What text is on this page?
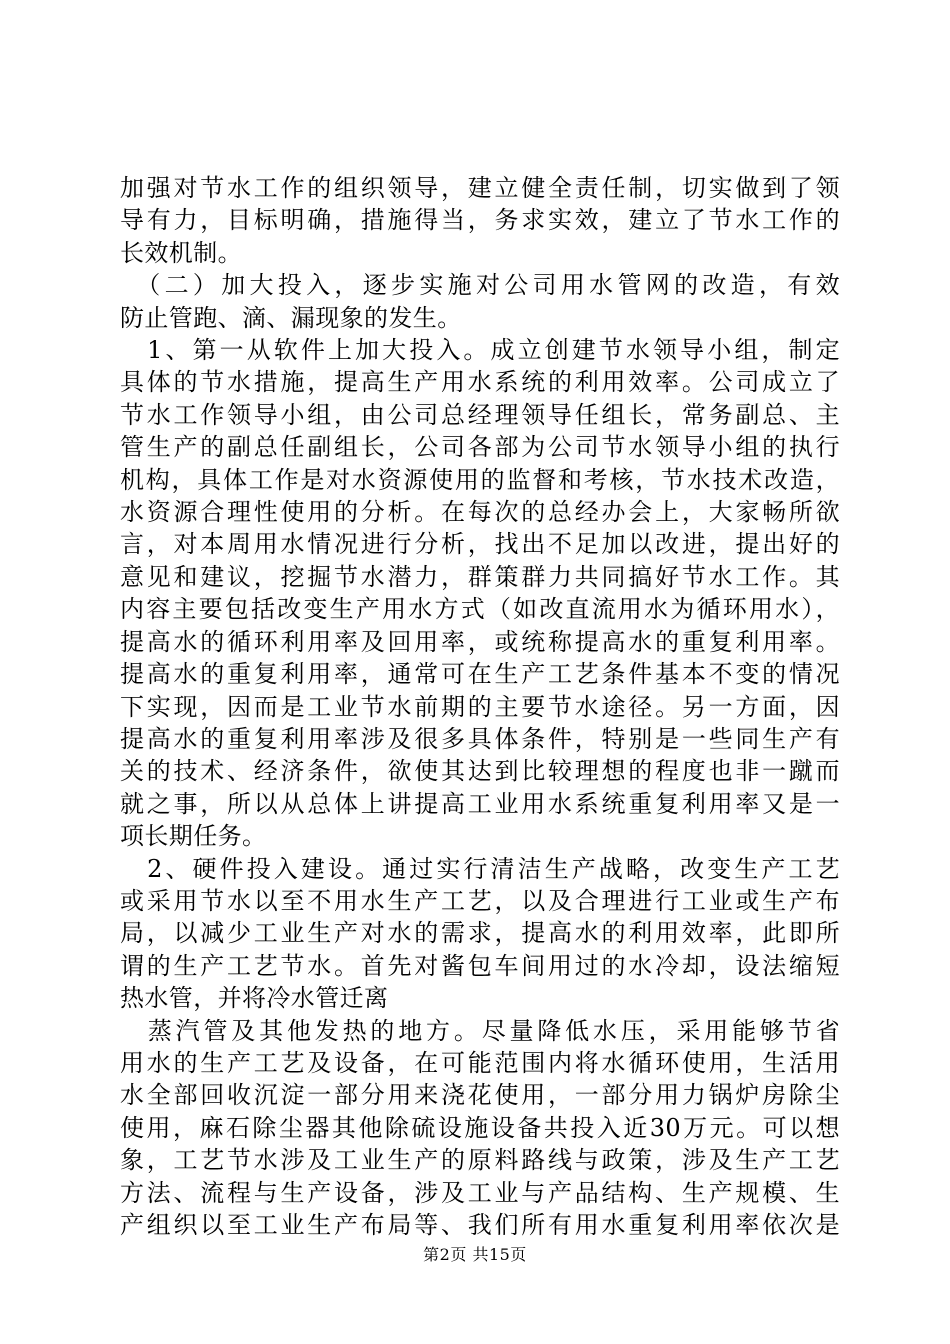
加强对节水工作的组织领导，建立健全责任制，切实做到了领
导有力，目标明确，措施得当，务求实效，建立了节水工作的
长效机制。
　（二）加大投入，逐步实施对公司用水管网的改造，有效
防止管跑、滴、漏现象的发生。
　1、第一从软件上加大投入。成立创建节水领导小组，制定
具体的节水措施，提高生产用水系统的利用效率。公司成立了
节水工作领导小组，由公司总经理领导任组长，常务副总、主
管生产的副总任副组长，公司各部为公司节水领导小组的执行
机构，具体工作是对水资源使用的监督和考核，节水技术改造，
水资源合理性使用的分析。在每次的总经办会上，大家畅所欲
言，对本周用水情况进行分析，找出不足加以改进，提出好的
意见和建议，挖掘节水潜力，群策群力共同搞好节水工作。其
内容主要包括改变生产用水方式（如改直流用水为循环用水），
提高水的循环利用率及回用率，或统称提高水的重复利用率。
提高水的重复利用率，通常可在生产工艺条件基本不变的情况
下实现，因而是工业节水前期的主要节水途径。另一方面，因
提高水的重复利用率涉及很多具体条件，特别是一些同生产有
关的技术、经济条件，欲使其达到比较理想的程度也非一蹴而
就之事，所以从总体上讲提高工业用水系统重复利用率又是一
项长期任务。
　2、硬件投入建设。通过实行清洁生产战略，改变生产工艺
或采用节水以至不用水生产工艺，以及合理进行工业或生产布
局，以减少工业生产对水的需求，提高水的利用效率，此即所
谓的生产工艺节水。首先对酱包车间用过的水冷却，设法缩短
热水管，并将冷水管迁离
　蒸汽管及其他发热的地方。尽量降低水压，采用能够节省
用水的生产工艺及设备，在可能范围内将水循环使用，生活用
水全部回收沉淀一部分用来浇花使用，一部分用力锅炉房除尘
使用，麻石除尘器其他除硫设施设备共投入近30万元。可以想
象，工艺节水涉及工业生产的原料路线与政策，涉及生产工艺
方法、流程与生产设备，涉及工业与产品结构、生产规模、生
产组织以至工业生产布局等、我们所有用水重复利用率依次是
第2页 共15页
